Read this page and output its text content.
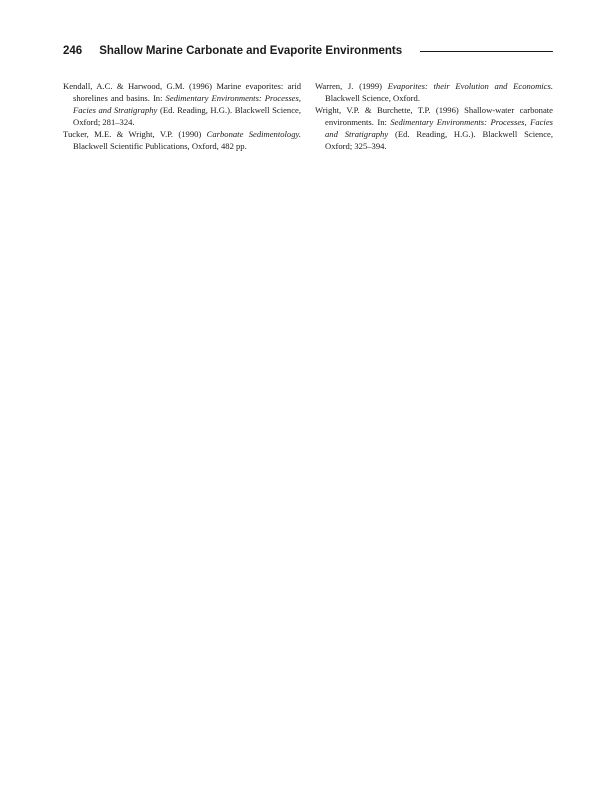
246 Shallow Marine Carbonate and Evaporite Environments

Kendall, A.C. & Harwood, G.M. (1996) Marine evaporites: arid shorelines and basins. In: Sedimentary Environments: Processes, Facies and Stratigraphy (Ed. Reading, H.G.). Blackwell Science, Oxford; 281–324.

Tucker, M.E. & Wright, V.P. (1990) Carbonate Sedimentology. Blackwell Scientific Publications, Oxford, 482 pp.

Warren, J. (1999) Evaporites: their Evolution and Economics. Blackwell Science, Oxford.

Wright, V.P. & Burchette, T.P. (1996) Shallow-water carbonate environments. In: Sedimentary Environments: Processes, Facies and Stratigraphy (Ed. Reading, H.G.). Blackwell Science, Oxford; 325–394.
